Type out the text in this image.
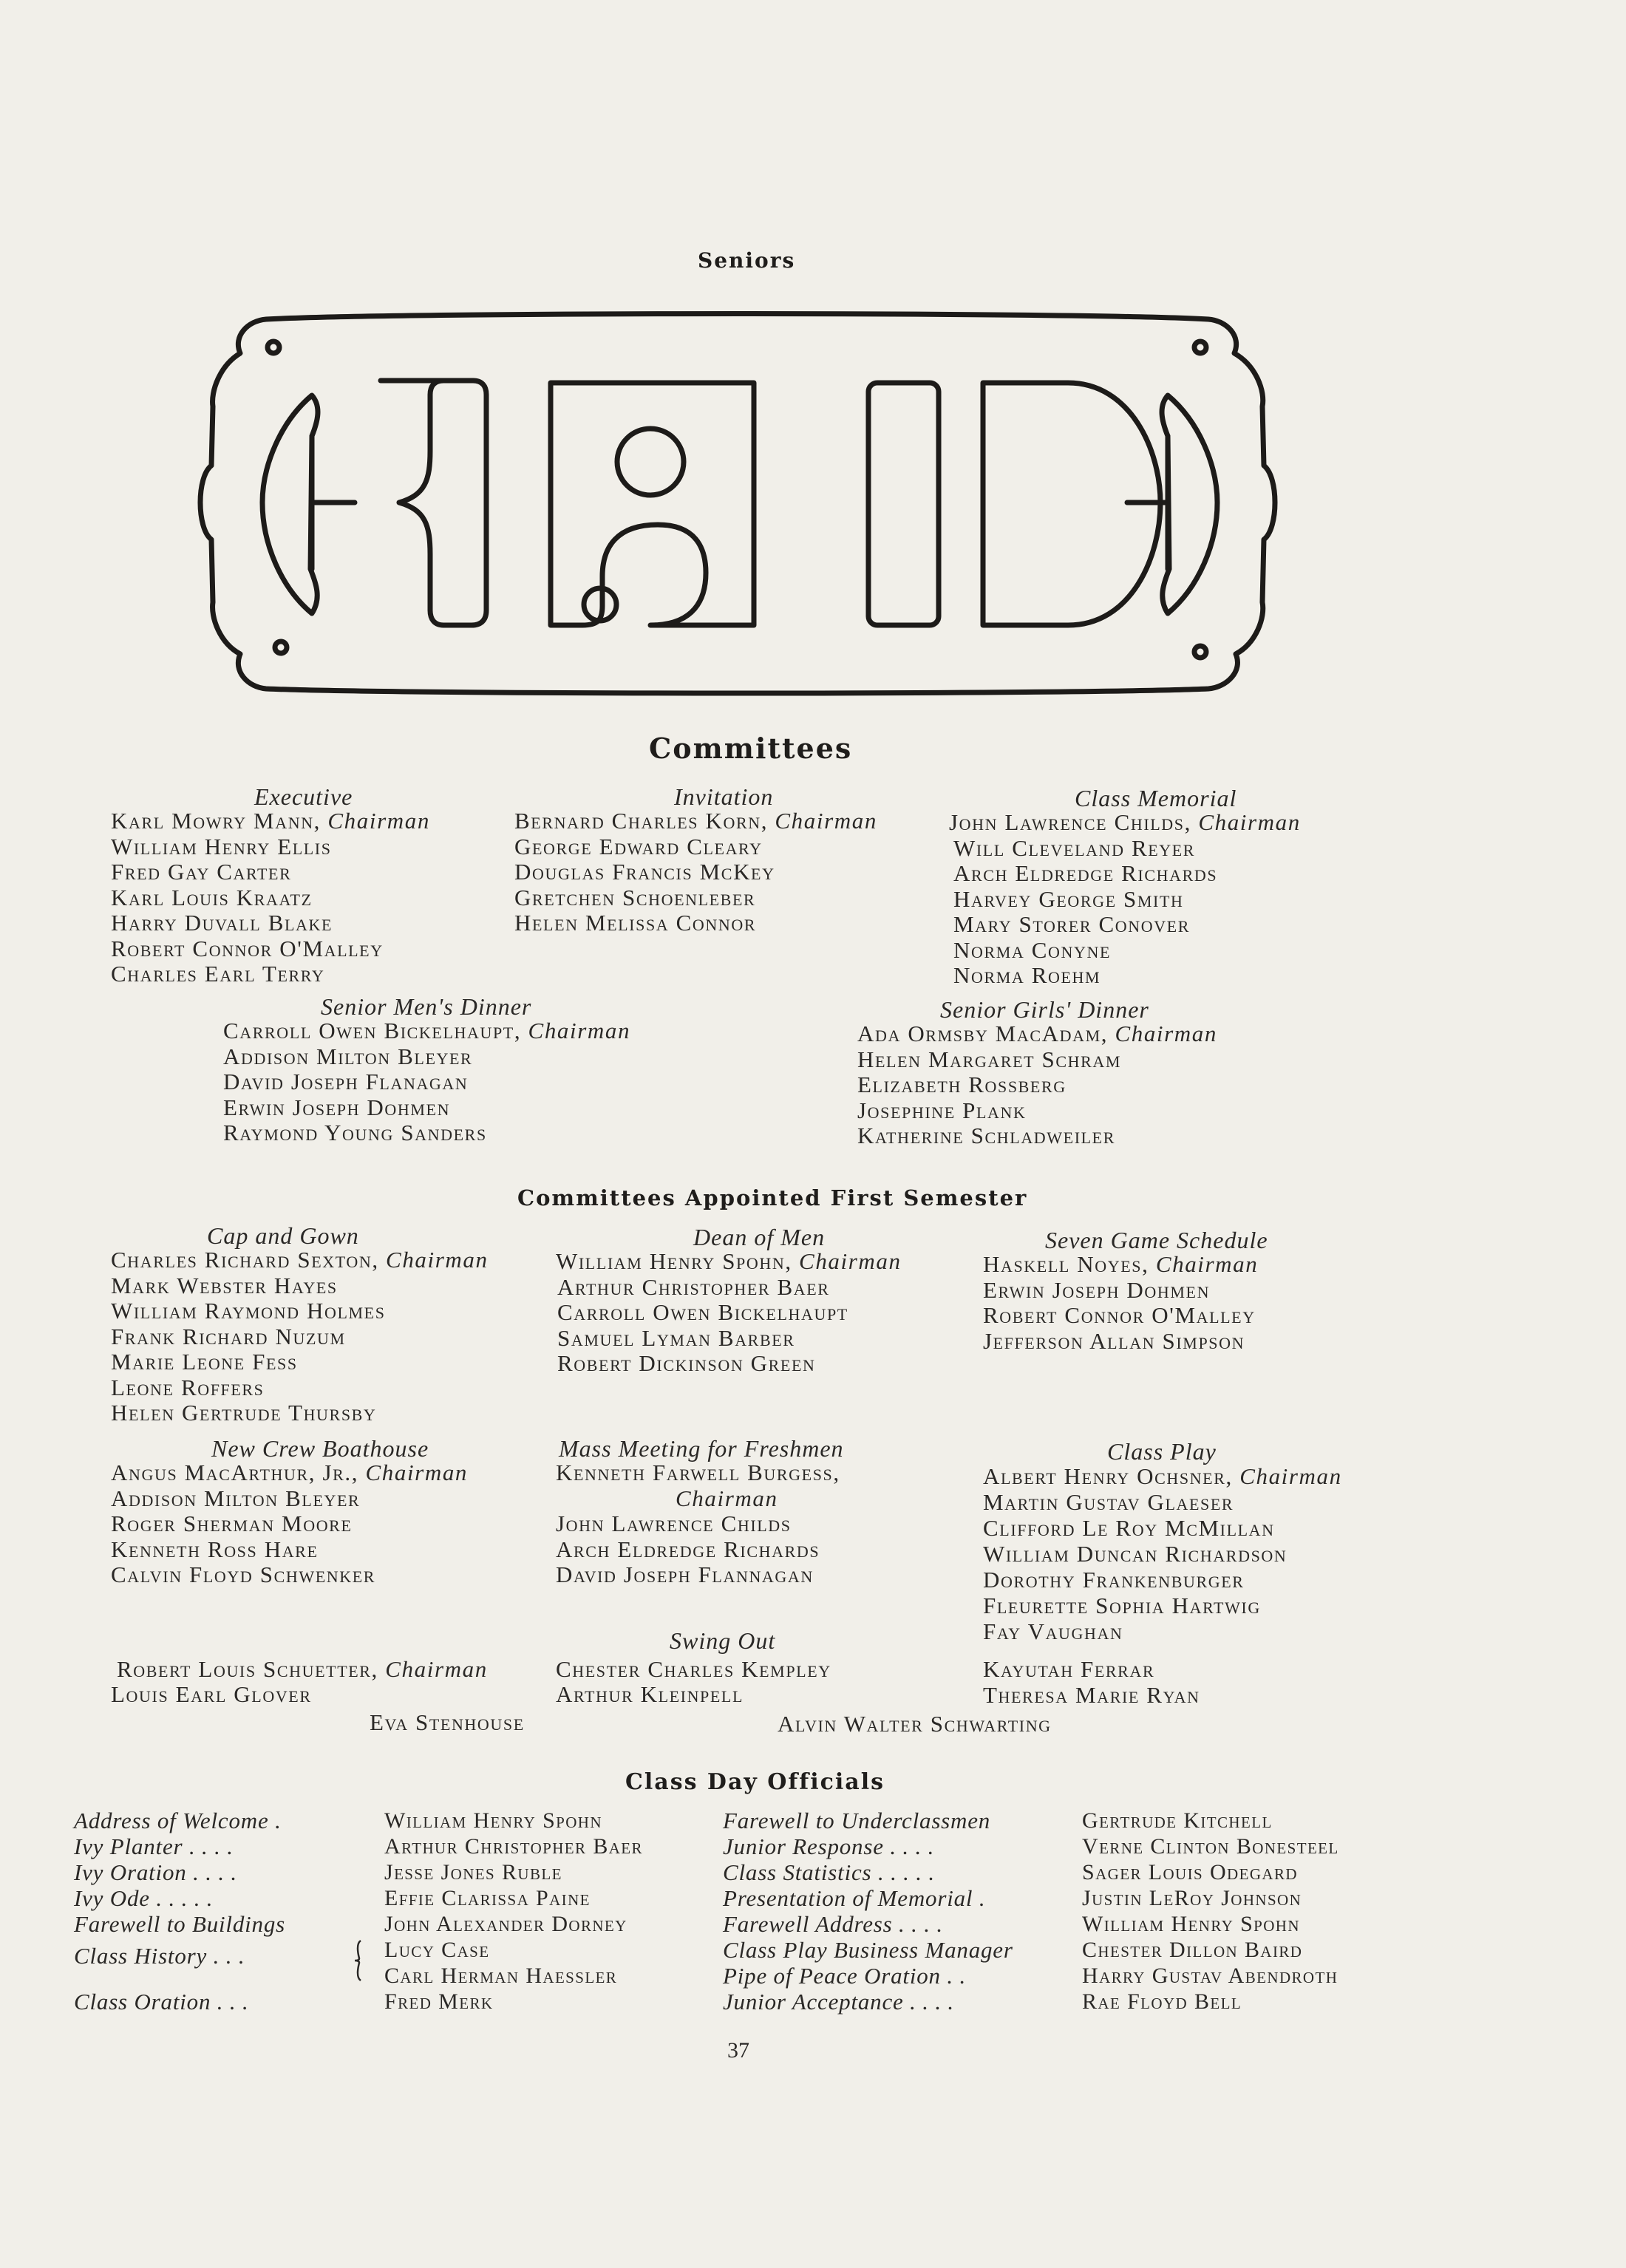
Seniors
Committees
Executive
Karl Mowry Mann, Chairman
William Henry Ellis
Fred Gay Carter
Karl Louis Kraatz
Harry Duvall Blake
Robert Connor O'Malley
Charles Earl Terry
Invitation
Bernard Charles Korn, Chairman
George Edward Cleary
Douglas Francis McKey
Gretchen Schoenleber
Helen Melissa Connor
Class Memorial
John Lawrence Childs, Chairman
Will Cleveland Reyer
Arch Eldredge Richards
Harvey George Smith
Mary Storer Conover
Norma Conyne
Norma Roehm
Senior Men's Dinner
Carroll Owen Bickelhaupt, Chairman
Addison Milton Bleyer
David Joseph Flanagan
Erwin Joseph Dohmen
Raymond Young Sanders
Senior Girls' Dinner
Ada Ormsby MacAdam, Chairman
Helen Margaret Schram
Elizabeth Rossberg
Josephine Plank
Katherine Schladweiler
Committees Appointed First Semester
Cap and Gown
Charles Richard Sexton, Chairman
Mark Webster Hayes
William Raymond Holmes
Frank Richard Nuzum
Marie Leone Fess
Leone Roffers
Helen Gertrude Thursby
Dean of Men
William Henry Spohn, Chairman
Arthur Christopher Baer
Carroll Owen Bickelhaupt
Samuel Lyman Barber
Robert Dickinson Green
Seven Game Schedule
Haskell Noyes, Chairman
Erwin Joseph Dohmen
Robert Connor O'Malley
Jefferson Allan Simpson
New Crew Boathouse
Angus MacArthur, Jr., Chairman
Addison Milton Bleyer
Roger Sherman Moore
Kenneth Ross Hare
Calvin Floyd Schwenker
Mass Meeting for Freshmen
Kenneth Farwell Burgess,
Chairman
John Lawrence Childs
Arch Eldredge Richards
David Joseph Flannagan
Class Play
Albert Henry Ochsner, Chairman
Martin Gustav Glaeser
Clifford Le Roy McMillan
William Duncan Richardson
Dorothy Frankenburger
Fleurette Sophia Hartwig
Fay Vaughan
Kayutah Ferrar
Theresa Marie Ryan
Swing Out
Robert Louis Schuetter, Chairman
Louis Earl Glover
Chester Charles Kempley
Arthur Kleinpell
Eva Stenhouse	Alvin Walter Schwarting
Class Day Officials
Address of Welcome .
Ivy Planter . . . .
Ivy Oration . . . .
Ivy Ode . . . . .
Farewell to Buildings
Class History . . .
Class Oration . . .
William Henry Spohn
Arthur Christopher Baer
Jesse Jones Ruble
Effie Clarissa Paine
John Alexander Dorney
Lucy Case
Carl Herman Haessler
Fred Merk
Farewell to Underclassmen
Junior Response . . . .
Class Statistics . . . . .
Presentation of Memorial .
Farewell Address . . . .
Class Play Business Manager
Pipe of Peace Oration . .
Junior Acceptance . . . .
Gertrude Kitchell
Verne Clinton Bonesteel
Sager Louis Odegard
Justin LeRoy Johnson
William Henry Spohn
Chester Dillon Baird
Harry Gustav Abendroth
Rae Floyd Bell
37
